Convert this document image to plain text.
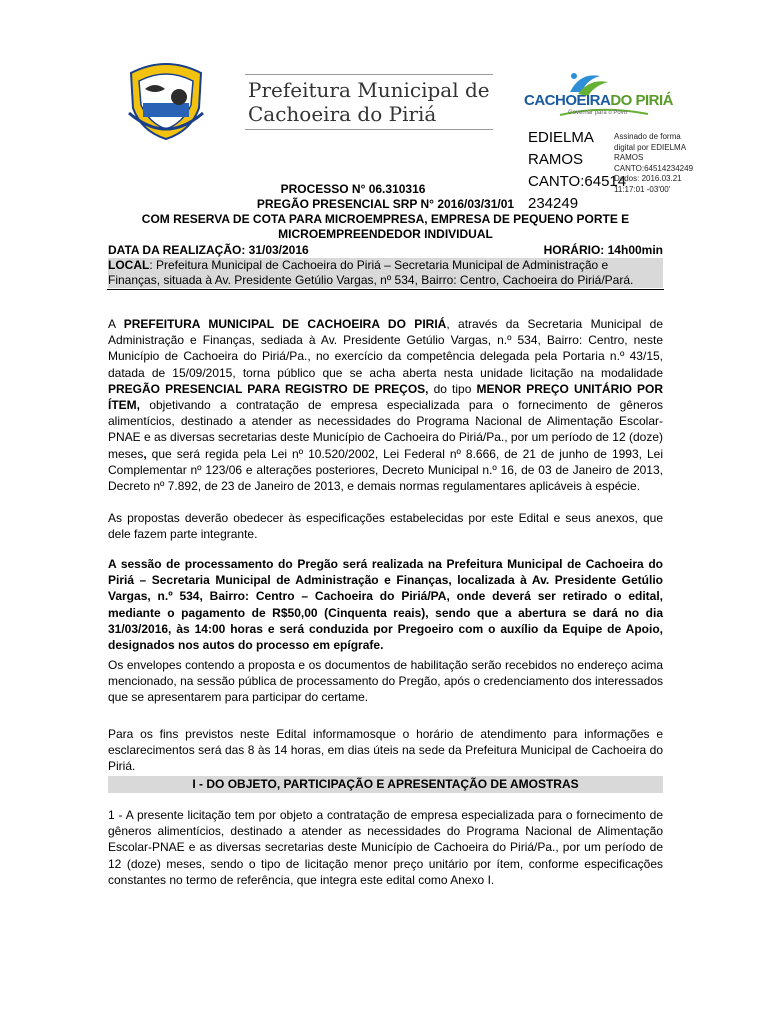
Prefeitura Municipal de
Cachoeira do Piriá
CACHOEIRADO PIRIÁ
Governar para o Povo
EDIELMA
RAMOS
CANTO:64514
234249
Assinado de forma
digital por EDIELMA
RAMOS
CANTO:64514234249
Dados: 2016.03.21
11:17:01 -03'00'
PROCESSO N° 06.310316
PREGÃO PRESENCIAL SRP N° 2016/03/31/01
COM RESERVA DE COTA PARA MICROEMPRESA, EMPRESA DE PEQUENO PORTE E
MICROEMPREENDEDOR INDIVIDUAL
DATA DA REALIZAÇÃO: 31/03/2016	HORÁRIO: 14h00min
LOCAL: Prefeitura Municipal de Cachoeira do Piriá – Secretaria Municipal de Administração e
Finanças, situada à Av. Presidente Getúlio Vargas, nº 534, Bairro: Centro, Cachoeira do Piriá/Pará.
A PREFEITURA MUNICIPAL DE CACHOEIRA DO PIRIÁ, através da Secretaria Municipal de Administração e Finanças, sediada à Av. Presidente Getúlio Vargas, n.º 534, Bairro: Centro, neste Município de Cachoeira do Piriá/Pa., no exercício da competência delegada pela Portaria n.º 43/15, datada de 15/09/2015, torna público que se acha aberta nesta unidade licitação na modalidade PREGÃO PRESENCIAL PARA REGISTRO DE PREÇOS, do tipo MENOR PREÇO UNITÁRIO POR ÍTEM, objetivando a contratação de empresa especializada para o fornecimento de gêneros alimentícios, destinado a atender as necessidades do Programa Nacional de Alimentação Escolar-PNAE e as diversas secretarias deste Município de Cachoeira do Piriá/Pa., por um período de 12 (doze) meses, que será regida pela Lei nº 10.520/2002, Lei Federal nº 8.666, de 21 de junho de 1993, Lei Complementar nº 123/06 e alterações posteriores, Decreto Municipal n.º 16, de 03 de Janeiro de 2013, Decreto nº 7.892, de 23 de Janeiro de 2013, e demais normas regulamentares aplicáveis à espécie.
As propostas deverão obedecer às especificações estabelecidas por este Edital e seus anexos, que dele fazem parte integrante.
A sessão de processamento do Pregão será realizada na Prefeitura Municipal de Cachoeira do Piriá – Secretaria Municipal de Administração e Finanças, localizada à Av. Presidente Getúlio Vargas, n.º 534, Bairro: Centro – Cachoeira do Piriá/PA, onde deverá ser retirado o edital, mediante o pagamento de R$50,00 (Cinquenta reais), sendo que a abertura se dará no dia 31/03/2016, às 14:00 horas e será conduzida por Pregoeiro com o auxílio da Equipe de Apoio, designados nos autos do processo em epígrafe.
Os envelopes contendo a proposta e os documentos de habilitação serão recebidos no endereço acima mencionado, na sessão pública de processamento do Pregão, após o credenciamento dos interessados que se apresentarem para participar do certame.
Para os fins previstos neste Edital informamosque o horário de atendimento para informações e esclarecimentos será das 8 às 14 horas, em dias úteis na sede da Prefeitura Municipal de Cachoeira do Piriá.
I - DO OBJETO, PARTICIPAÇÃO E APRESENTAÇÃO DE AMOSTRAS
1 - A presente licitação tem por objeto a contratação de empresa especializada para o fornecimento de gêneros alimentícios, destinado a atender as necessidades do Programa Nacional de Alimentação Escolar-PNAE e as diversas secretarias deste Município de Cachoeira do Piriá/Pa., por um período de 12 (doze) meses, sendo o tipo de licitação menor preço unitário por ítem, conforme especificações constantes no termo de referência, que integra este edital como Anexo I.
